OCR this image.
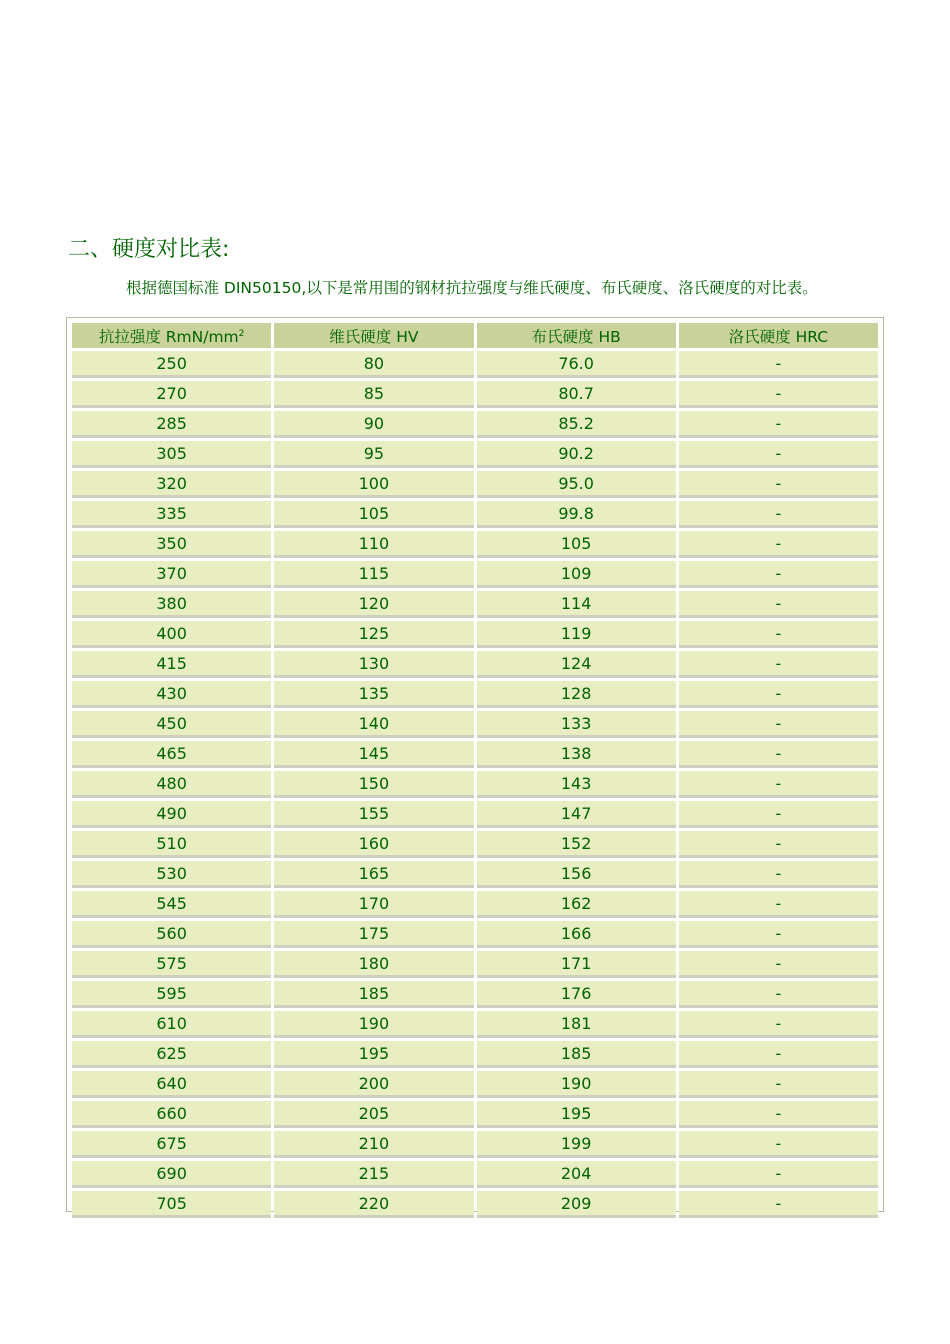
二、硬度对比表:

根据德国标准 DIN50150,以下是常用围的钢材抗拉强度与维氏硬度、布氏硬度、洛氏硬度的对比表。

抗拉强度 RmN/$mm^2$	维氏硬度 HV	布氏硬度 HB	洛氏硬度 HRC
250	80	76.0	-
270	85	80.7	-
285	90	85.2	-
305	95	90.2	-
320	100	95.0	-
335	105	99.8	-
350	110	105	-
370	115	109	-
380	120	114	-
400	125	119	-
415	130	124	-
430	135	128	-
450	140	133	-
465	145	138	-
480	150	143	-
490	155	147	-
510	160	152	-
530	165	156	-
545	170	162	-
560	175	166	-
575	180	171	-
595	185	176	-
610	190	181	-
625	195	185	-
640	200	190	-
660	205	195	-
675	210	199	-
690	215	204	-
705	220	209	-
